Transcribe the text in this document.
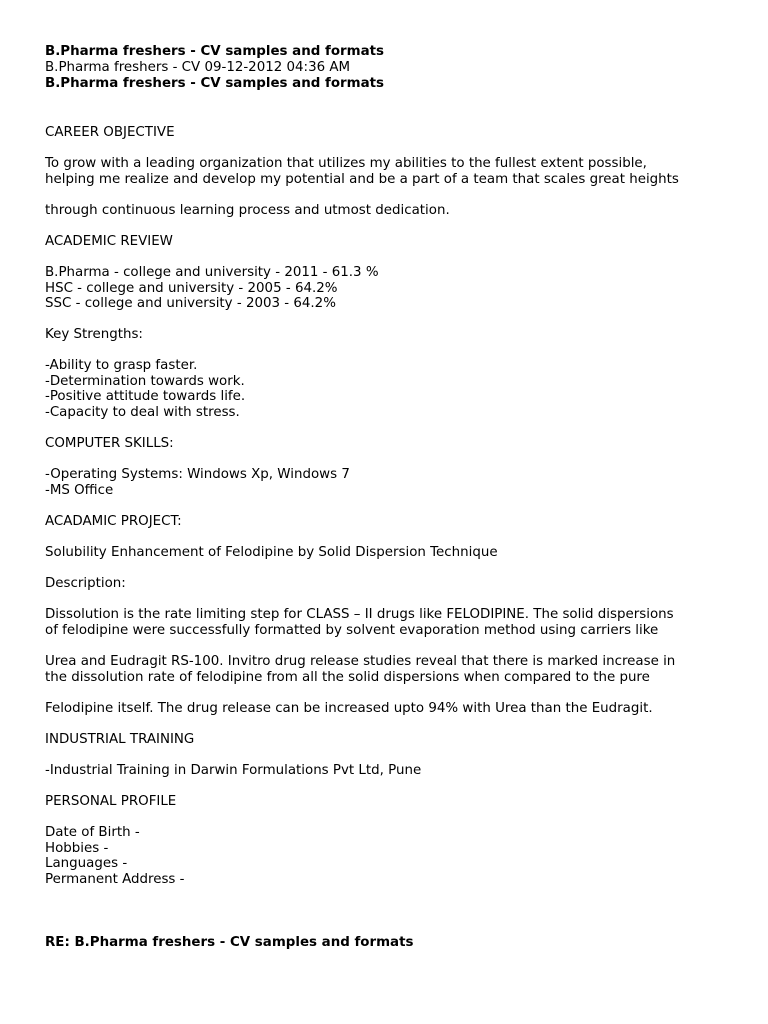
B.Pharma freshers - CV samples and formats
B.Pharma freshers - CV 09-12-2012 04:36 AM
B.Pharma freshers - CV samples and formats
CAREER OBJECTIVE
To grow with a leading organization that utilizes my abilities to the fullest extent possible,
helping me realize and develop my potential and be a part of a team that scales great heights
through continuous learning process and utmost dedication.
ACADEMIC REVIEW
B.Pharma - college and university - 2011 - 61.3 %
HSC - college and university - 2005 - 64.2%
SSC - college and university - 2003 - 64.2%
Key Strengths:
-Ability to grasp faster.
-Determination towards work.
-Positive attitude towards life.
-Capacity to deal with stress.
COMPUTER SKILLS:
-Operating Systems: Windows Xp, Windows 7
-MS Office
ACADAMIC PROJECT:
Solubility Enhancement of Felodipine by Solid Dispersion Technique
Description:
Dissolution is the rate limiting step for CLASS – II drugs like FELODIPINE. The solid dispersions
of felodipine were successfully formatted by solvent evaporation method using carriers like
Urea and Eudragit RS-100. Invitro drug release studies reveal that there is marked increase in
the dissolution rate of felodipine from all the solid dispersions when compared to the pure
Felodipine itself. The drug release can be increased upto 94% with Urea than the Eudragit.
INDUSTRIAL TRAINING
-Industrial Training in Darwin Formulations Pvt Ltd, Pune
PERSONAL PROFILE
Date of Birth -
Hobbies -
Languages -
Permanent Address -
RE: B.Pharma freshers - CV samples and formats
